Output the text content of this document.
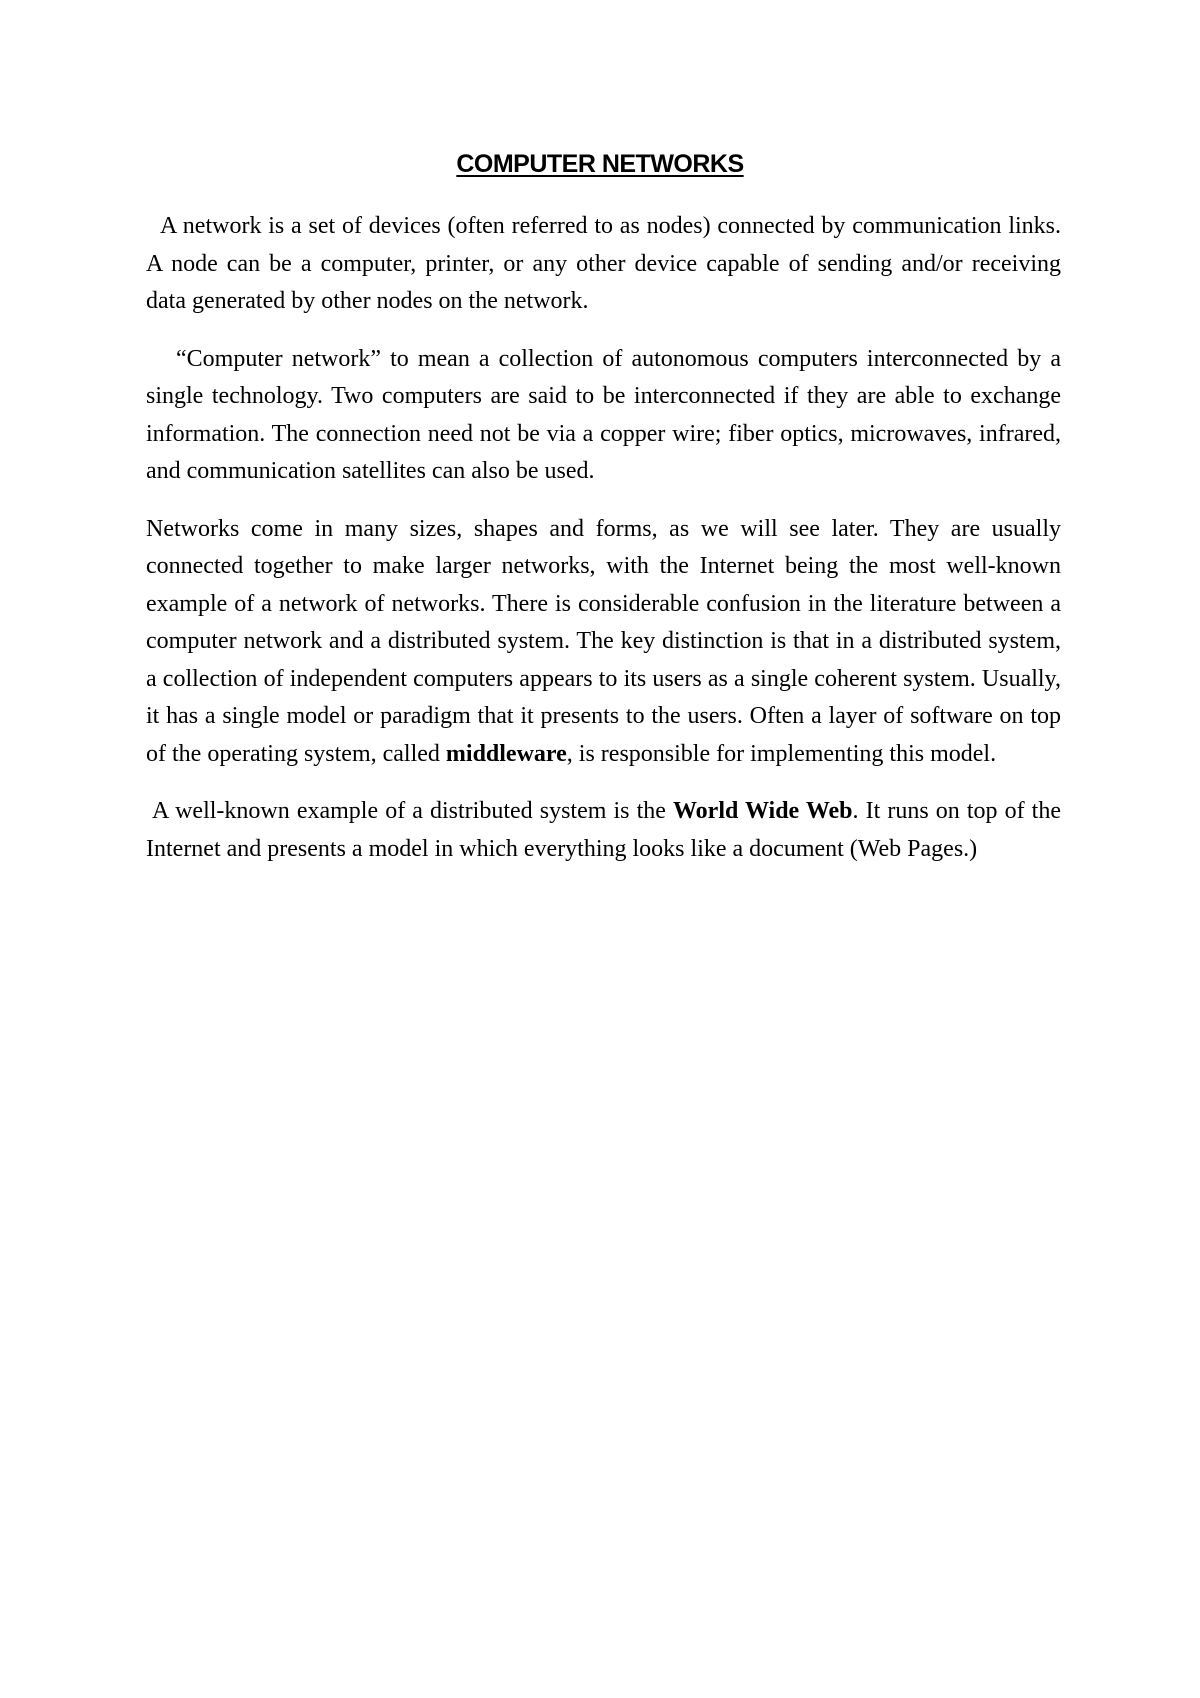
COMPUTER NETWORKS

A network is a set of devices (often referred to as nodes) connected by communication links. A node can be a computer, printer, or any other device capable of sending and/or receiving data generated by other nodes on the network.

“Computer network” to mean a collection of autonomous computers interconnected by a single technology. Two computers are said to be interconnected if they are able to exchange information. The connection need not be via a copper wire; fiber optics, microwaves, infrared, and communication satellites can also be used.

Networks come in many sizes, shapes and forms, as we will see later. They are usually connected together to make larger networks, with the Internet being the most well-known example of a network of networks. There is considerable confusion in the literature between a computer network and a distributed system. The key distinction is that in a distributed system, a collection of independent computers appears to its users as a single coherent system. Usually, it has a single model or paradigm that it presents to the users. Often a layer of software on top of the operating system, called middleware, is responsible for implementing this model.

A well-known example of a distributed system is the World Wide Web. It runs on top of the Internet and presents a model in which everything looks like a document (Web Pages.)
